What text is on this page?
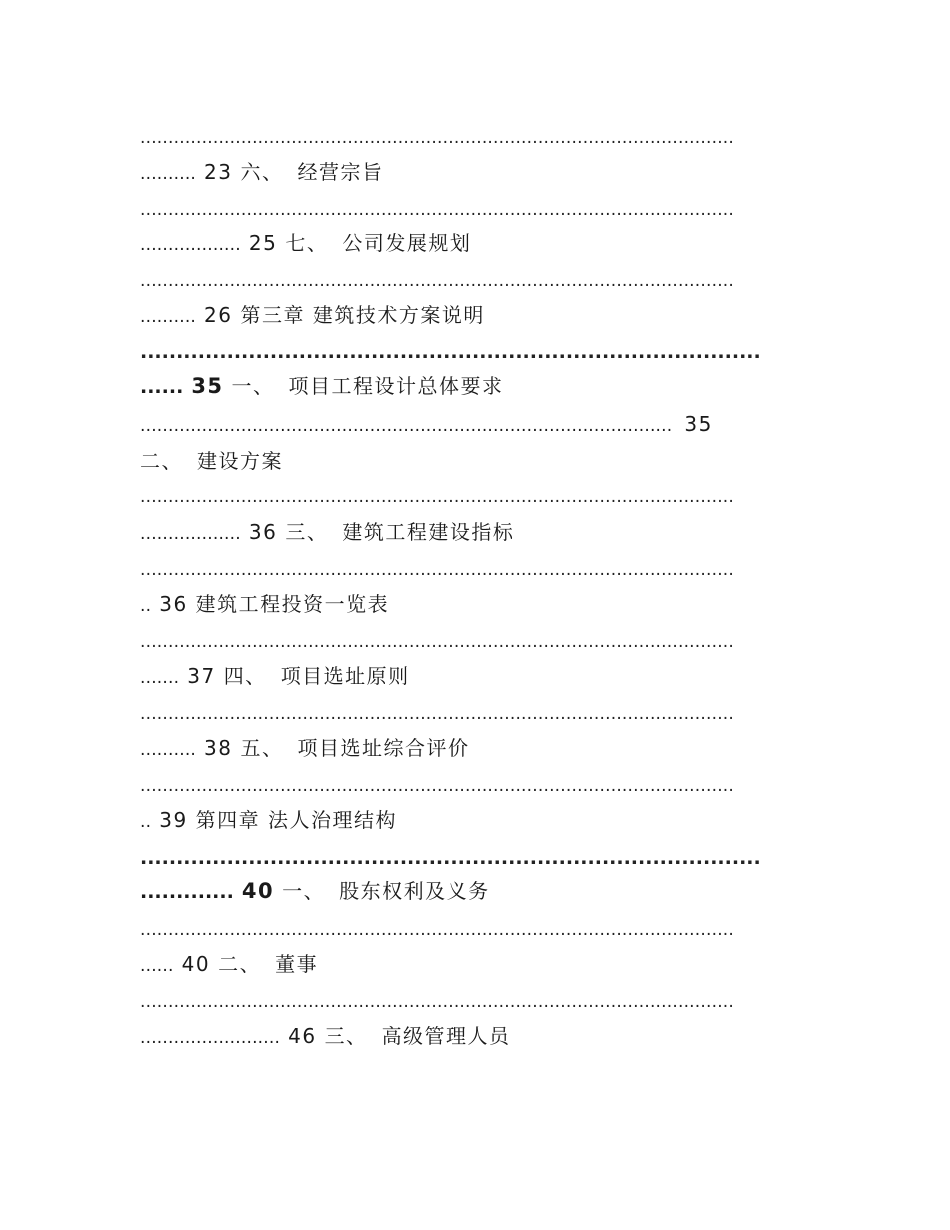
..........................................................................................................
.......... 23 六、 经营宗旨
..........................................................................................................
.................. 25 七、 公司发展规划
..........................................................................................................
.......... 26 第三章 建筑技术方案说明
......................................................................................
...... 35 一、 项目工程设计总体要求
............................................................................................... 35
二、 建设方案
..........................................................................................................
.................. 36 三、 建筑工程建设指标
..........................................................................................................
.. 36 建筑工程投资一览表
..........................................................................................................
....... 37 四、 项目选址原则
..........................................................................................................
.......... 38 五、 项目选址综合评价
..........................................................................................................
.. 39 第四章 法人治理结构
......................................................................................
............. 40 一、 股东权利及义务
..........................................................................................................
...... 40 二、 董事
..........................................................................................................
......................... 46 三、 高级管理人员
